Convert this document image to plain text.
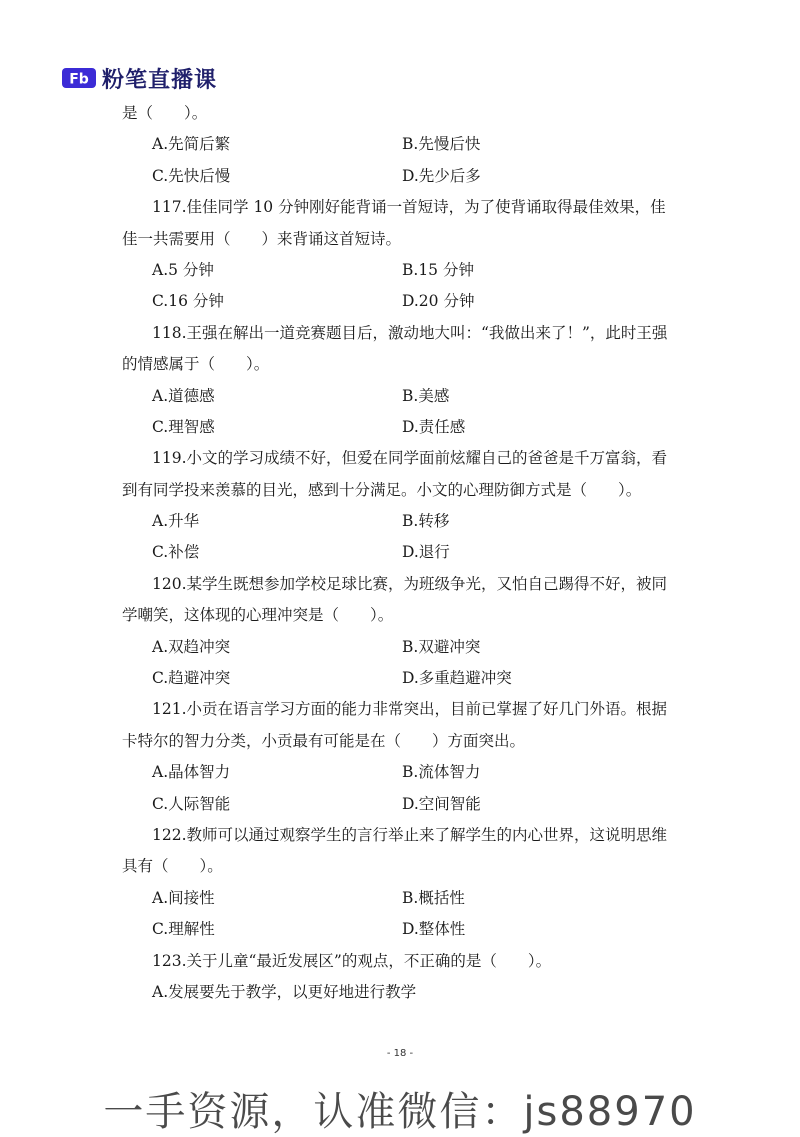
Fb 粉笔直播课
是（　　）。
A.先简后繁	B.先慢后快
C.先快后慢	D.先少后多
117.佳佳同学 10 分钟刚好能背诵一首短诗，为了使背诵取得最佳效果，佳
佳一共需要用（　　）来背诵这首短诗。
A.5 分钟	B.15 分钟
C.16 分钟	D.20 分钟
118.王强在解出一道竞赛题目后，激动地大叫：“我做出来了！”，此时王强
的情感属于（　　）。
A.道德感	B.美感
C.理智感	D.责任感
119.小文的学习成绩不好，但爱在同学面前炫耀自己的爸爸是千万富翁，看
到有同学投来羡慕的目光，感到十分满足。小文的心理防御方式是（　　）。
A.升华	B.转移
C.补偿	D.退行
120.某学生既想参加学校足球比赛，为班级争光，又怕自己踢得不好，被同
学嘲笑，这体现的心理冲突是（　　）。
A.双趋冲突	B.双避冲突
C.趋避冲突	D.多重趋避冲突
121.小贡在语言学习方面的能力非常突出，目前已掌握了好几门外语。根据
卡特尔的智力分类，小贡最有可能是在（　　）方面突出。
A.晶体智力	B.流体智力
C.人际智能	D.空间智能
122.教师可以通过观察学生的言行举止来了解学生的内心世界，这说明思维
具有（　　）。
A.间接性	B.概括性
C.理解性	D.整体性
123.关于儿童“最近发展区”的观点，不正确的是（　　）。
A.发展要先于教学，以更好地进行教学
- 18 -
一手资源，认准微信：js88970
